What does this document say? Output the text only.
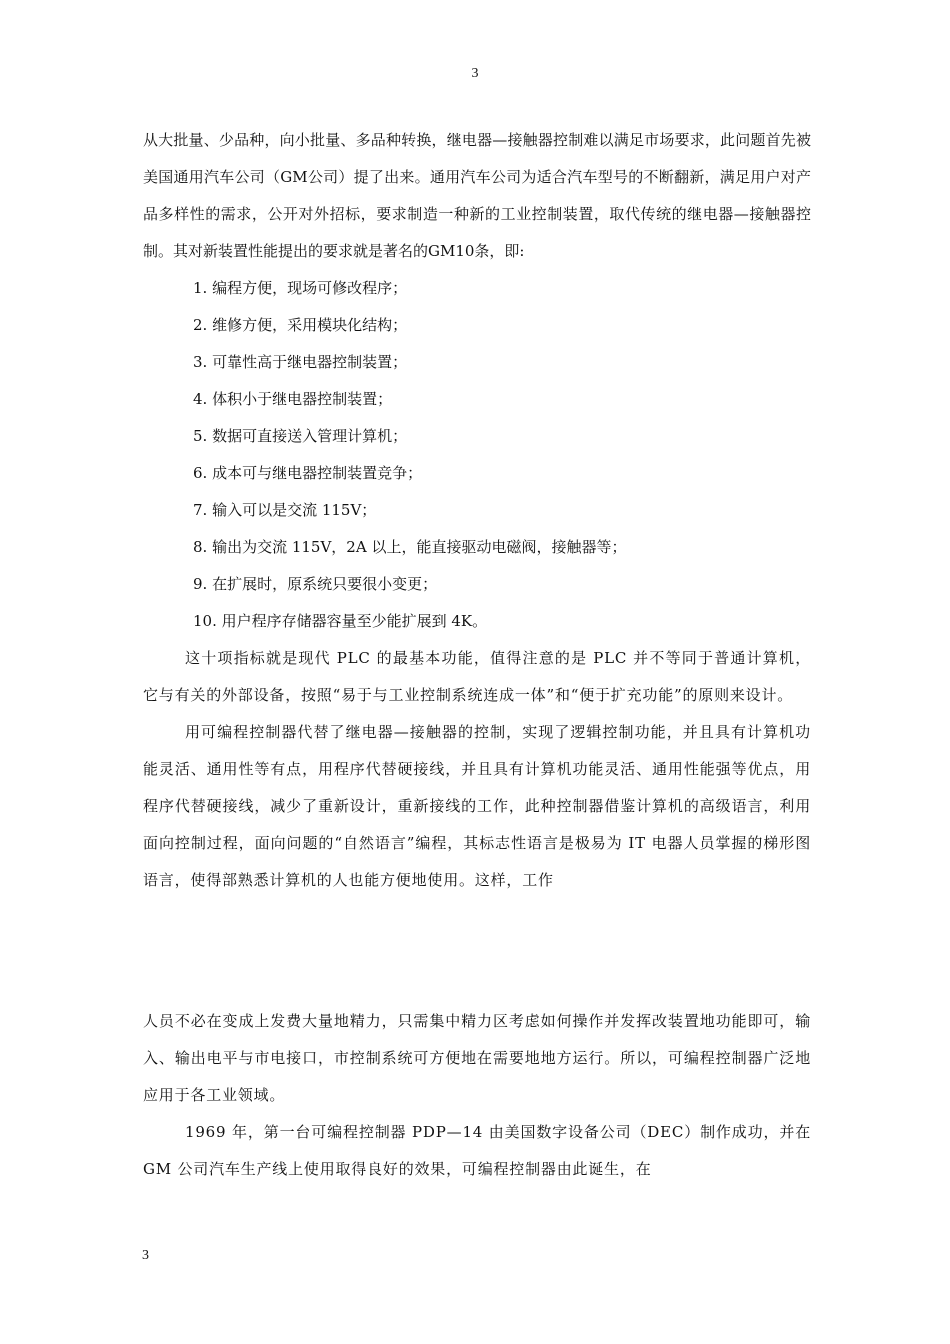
3

从大批量、少品种，向小批量、多品种转换，继电器—接触器控制难以满足市场要求，此问题首先被美国通用汽车公司（GM公司）提了出来。通用汽车公司为适合汽车型号的不断翻新，满足用户对产品多样性的需求，公开对外招标，要求制造一种新的工业控制装置，取代传统的继电器—接触器控制。其对新装置性能提出的要求就是著名的GM10条，即:

1. 编程方便，现场可修改程序；

2. 维修方便，采用模块化结构；

3. 可靠性高于继电器控制装置；

4. 体积小于继电器控制装置；

5. 数据可直接送入管理计算机；

6. 成本可与继电器控制装置竞争；

7. 输入可以是交流 115V；

8. 输出为交流 115V，2A 以上，能直接驱动电磁阀，接触器等；

9. 在扩展时，原系统只要很小变更；

10. 用户程序存储器容量至少能扩展到 4K。

这十项指标就是现代 PLC 的最基本功能，值得注意的是 PLC 并不等同于普通计算机，它与有关的外部设备，按照“易于与工业控制系统连成一体”和“便于扩充功能”的原则来设计。

用可编程控制器代替了继电器—接触器的控制，实现了逻辑控制功能，并且具有计算机功能灵活、通用性等有点，用程序代替硬接线，并且具有计算机功能灵活、通用性能强等优点，用程序代替硬接线，减少了重新设计，重新接线的工作，此种控制器借鉴计算机的高级语言，利用面向控制过程，面向问题的“自然语言”编程，其标志性语言是极易为 IT 电器人员掌握的梯形图语言，使得部熟悉计算机的人也能方便地使用。这样，工作

人员不必在变成上发费大量地精力，只需集中精力区考虑如何操作并发挥改装置地功能即可，输入、输出电平与市电接口，市控制系统可方便地在需要地地方运行。所以，可编程控制器广泛地应用于各工业领域。

1969 年，第一台可编程控制器 PDP—14 由美国数字设备公司（DEC）制作成功，并在 GM 公司汽车生产线上使用取得良好的效果，可编程控制器由此诞生，在

3
